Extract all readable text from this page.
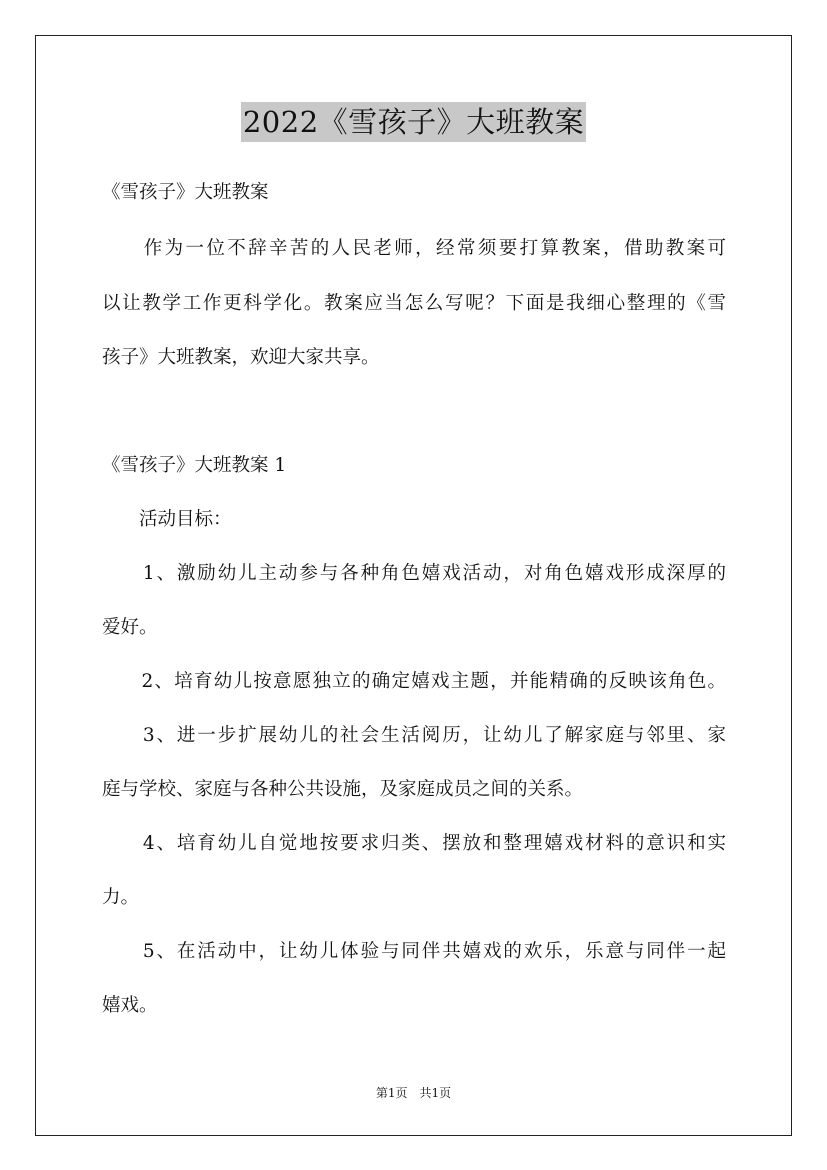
2022《雪孩子》大班教案
《雪孩子》大班教案
　　作为一位不辞辛苦的人民老师，经常须要打算教案，借助教案可
以让教学工作更科学化。教案应当怎么写呢？下面是我细心整理的《雪
孩子》大班教案，欢迎大家共享。
《雪孩子》大班教案 1
　　活动目标：
　　1、激励幼儿主动参与各种角色嬉戏活动，对角色嬉戏形成深厚的
爱好。
　　2、培育幼儿按意愿独立的确定嬉戏主题，并能精确的反映该角色。
　　3、进一步扩展幼儿的社会生活阅历，让幼儿了解家庭与邻里、家
庭与学校、家庭与各种公共设施，及家庭成员之间的关系。
　　4、培育幼儿自觉地按要求归类、摆放和整理嬉戏材料的意识和实
力。
　　5、在活动中，让幼儿体验与同伴共嬉戏的欢乐，乐意与同伴一起
嬉戏。
第1页　共1页
